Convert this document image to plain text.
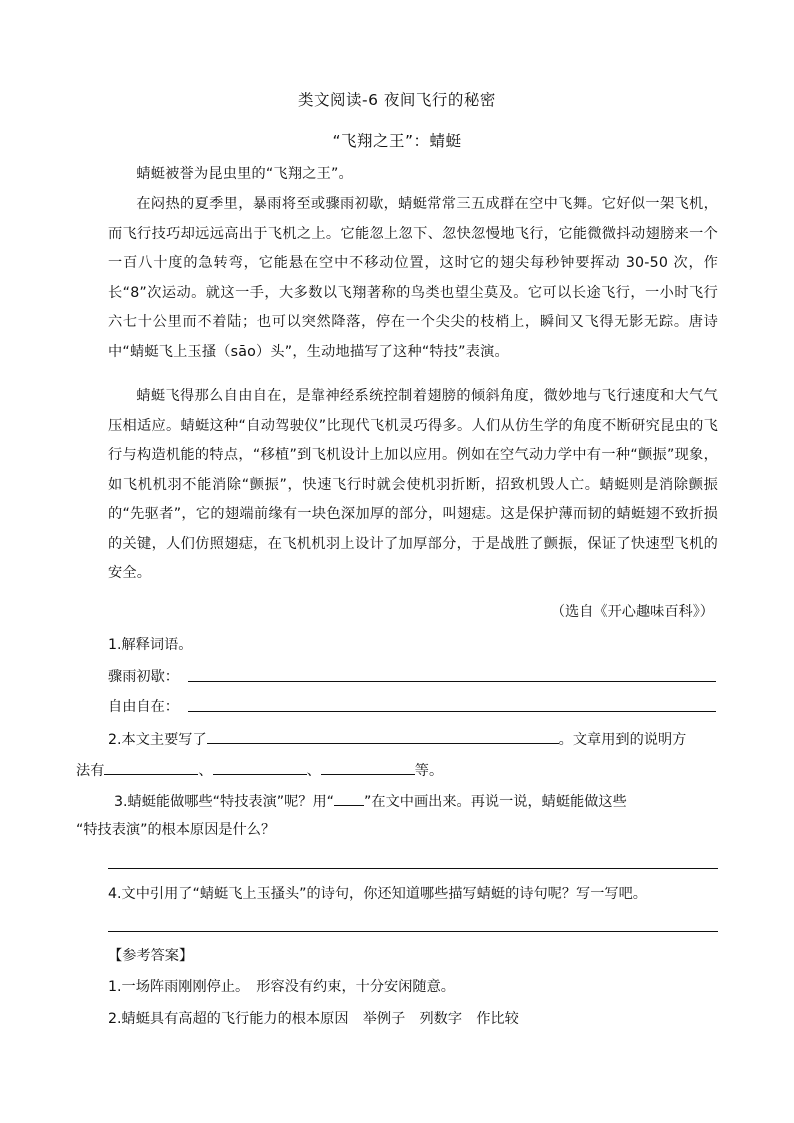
类文阅读-6 夜间飞行的秘密
“飞翔之王”：蜻蜓
蜻蜓被誉为昆虫里的“飞翔之王”。
在闷热的夏季里，暴雨将至或骤雨初歇，蜻蜓常常三五成群在空中飞舞。它好似一架飞机，而飞行技巧却远远高出于飞机之上。它能忽上忽下、忽快忽慢地飞行，它能微微抖动翅膀来一个一百八十度的急转弯，它能悬在空中不移动位置，这时它的翅尖每秒钟要挥动 30-50 次，作长“8”次运动。就这一手，大多数以飞翔著称的鸟类也望尘莫及。它可以长途飞行，一小时飞行六七十公里而不着陆；也可以突然降落，停在一个尖尖的枝梢上，瞬间又飞得无影无踪。唐诗中“蜻蜓飞上玉搔（sāo）头”，生动地描写了这种“特技”表演。
蜻蜓飞得那么自由自在，是靠神经系统控制着翅膀的倾斜角度，微妙地与飞行速度和大气气压相适应。蜻蜓这种“自动驾驶仪”比现代飞机灵巧得多。人们从仿生学的角度不断研究昆虫的飞行与构造机能的特点，“移植”到飞机设计上加以应用。例如在空气动力学中有一种“颤振”现象，如飞机机羽不能消除“颤振”，快速飞行时就会使机羽折断，招致机毁人亡。蜻蜓则是消除颤振的“先驱者”，它的翅端前缘有一块色深加厚的部分，叫翅痣。这是保护薄而韧的蜻蜓翅不致折损的关键，人们仿照翅痣，在飞机机羽上设计了加厚部分，于是战胜了颤振，保证了快速型飞机的安全。
（选自《开心趣味百科》）
1.解释词语。
骤雨初歇：
自由自在：
2.本文主要写了	。文章用到的说明方
法有	、	、	等。
3.蜻蜓能做哪些“特技表演”呢？用“ ”在文中画出来。再说一说，蜻蜓能做这些
“特技表演”的根本原因是什么？
4.文中引用了“蜻蜓飞上玉搔头”的诗句，你还知道哪些描写蜻蜓的诗句呢？写一写吧。
【参考答案】
1.一场阵雨刚刚停止。　形容没有约束，十分安闲随意。
2.蜻蜓具有高超的飞行能力的根本原因　举例子　列数字　作比较
